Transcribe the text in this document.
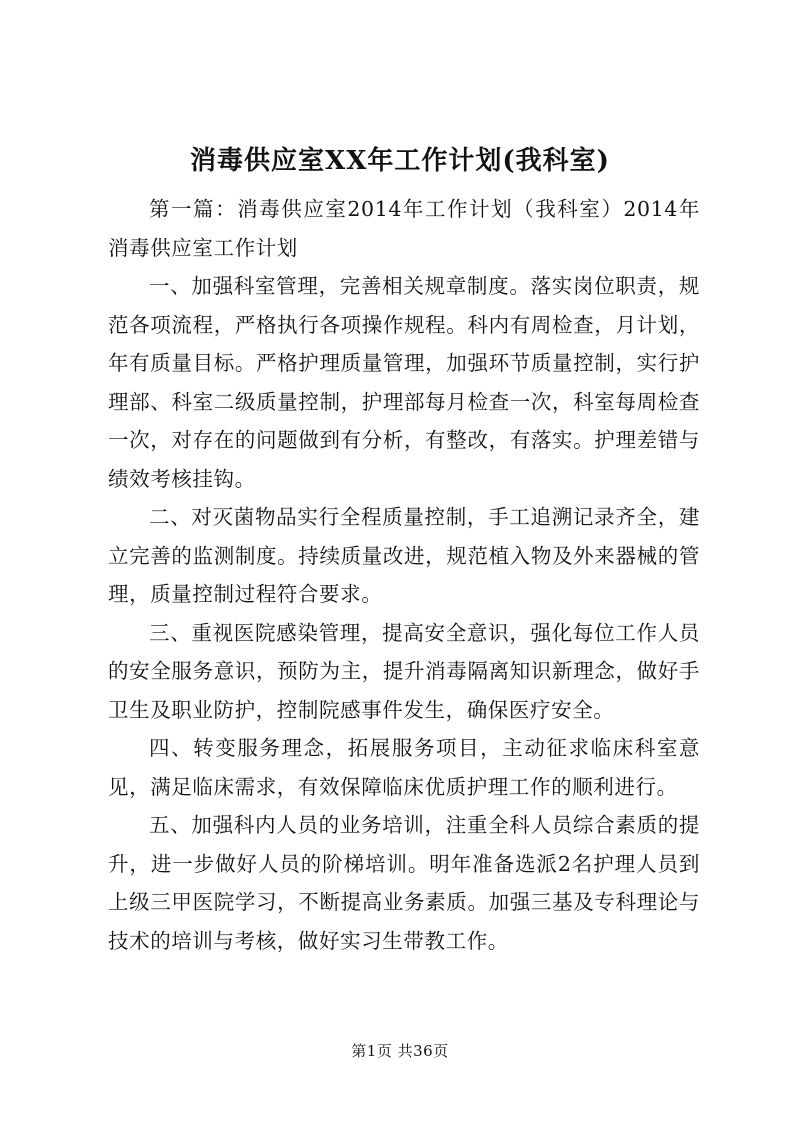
消毒供应室XX年工作计划(我科室)

第一篇：消毒供应室2014年工作计划（我科室）2014年消毒供应室工作计划

一、加强科室管理，完善相关规章制度。落实岗位职责，规范各项流程，严格执行各项操作规程。科内有周检查，月计划，年有质量目标。严格护理质量管理，加强环节质量控制，实行护理部、科室二级质量控制，护理部每月检查一次，科室每周检查一次，对存在的问题做到有分析，有整改，有落实。护理差错与绩效考核挂钩。

二、对灭菌物品实行全程质量控制，手工追溯记录齐全，建立完善的监测制度。持续质量改进，规范植入物及外来器械的管理，质量控制过程符合要求。

三、重视医院感染管理，提高安全意识，强化每位工作人员的安全服务意识，预防为主，提升消毒隔离知识新理念，做好手卫生及职业防护，控制院感事件发生，确保医疗安全。

四、转变服务理念，拓展服务项目，主动征求临床科室意见，满足临床需求，有效保障临床优质护理工作的顺利进行。

五、加强科内人员的业务培训，注重全科人员综合素质的提升，进一步做好人员的阶梯培训。明年准备选派2名护理人员到上级三甲医院学习，不断提高业务素质。加强三基及专科理论与技术的培训与考核，做好实习生带教工作。

第1页 共36页
